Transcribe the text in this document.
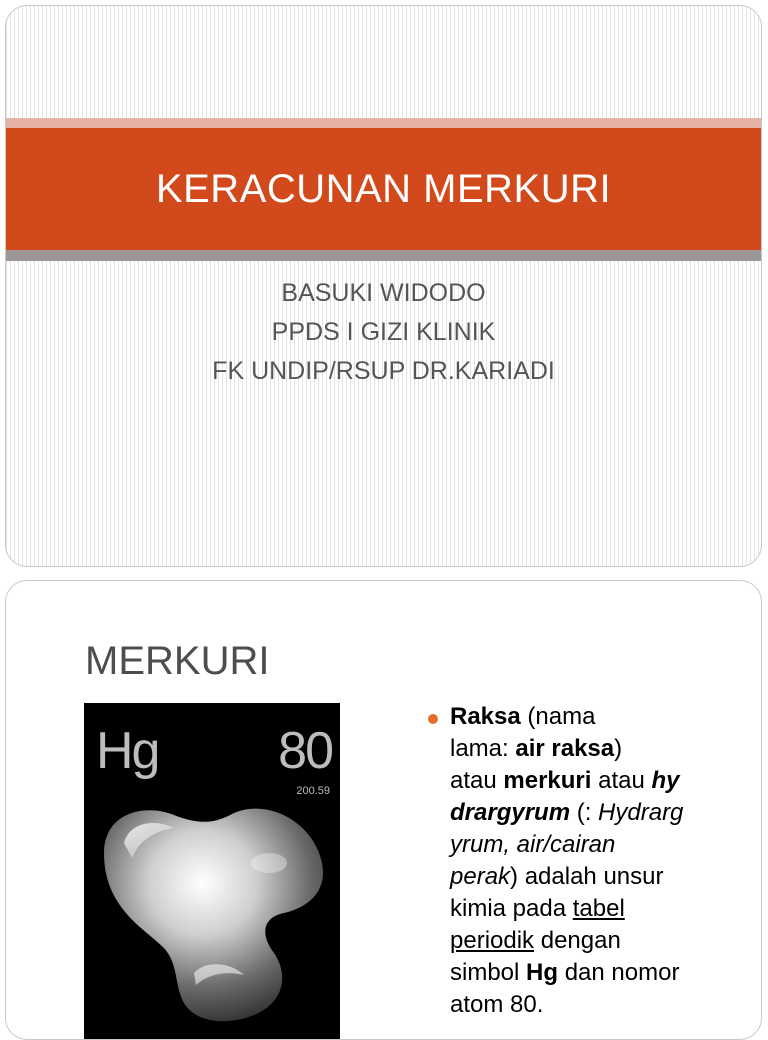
KERACUNAN MERKURI
BASUKI WIDODO
PPDS I GIZI KLINIK
FK UNDIP/RSUP DR.KARIADI
MERKURI
Hg 80
200.59
Raksa (nama
lama: air raksa)
atau merkuri atau hy
drargyrum (: Hydrarg
yrum, air/cairan
perak) adalah unsur
kimia pada tabel
periodik dengan
simbol Hg dan nomor
atom 80.
